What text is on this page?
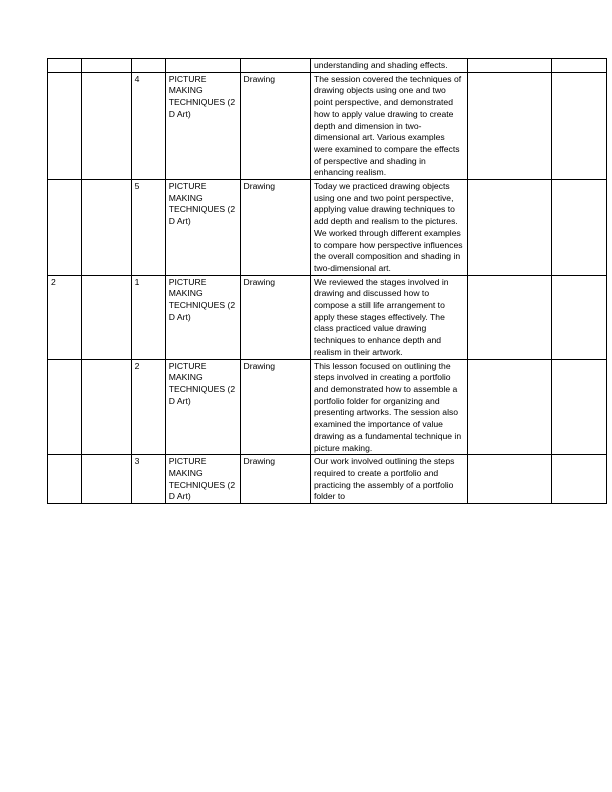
					understanding and shading effects.		
		4	PICTURE MAKING TECHNIQUES (2 D Art)	Drawing	The session covered the techniques of drawing objects using one and two point perspective, and demonstrated how to apply value drawing to create depth and dimension in two-dimensional art. Various examples were examined to compare the effects of perspective and shading in enhancing realism.		
		5	PICTURE MAKING TECHNIQUES (2 D Art)	Drawing	Today we practiced drawing objects using one and two point perspective, applying value drawing techniques to add depth and realism to the pictures. We worked through different examples to compare how perspective influences the overall composition and shading in two-dimensional art.		
2		1	PICTURE MAKING TECHNIQUES (2 D Art)	Drawing	We reviewed the stages involved in drawing and discussed how to compose a still life arrangement to apply these stages effectively. The class practiced value drawing techniques to enhance depth and realism in their artwork.		
		2	PICTURE MAKING TECHNIQUES (2 D Art)	Drawing	This lesson focused on outlining the steps involved in creating a portfolio and demonstrated how to assemble a portfolio folder for organizing and presenting artworks. The session also examined the importance of value drawing as a fundamental technique in picture making.		
		3	PICTURE MAKING TECHNIQUES (2 D Art)	Drawing	Our work involved outlining the steps required to create a portfolio and practicing the assembly of a portfolio folder to		
